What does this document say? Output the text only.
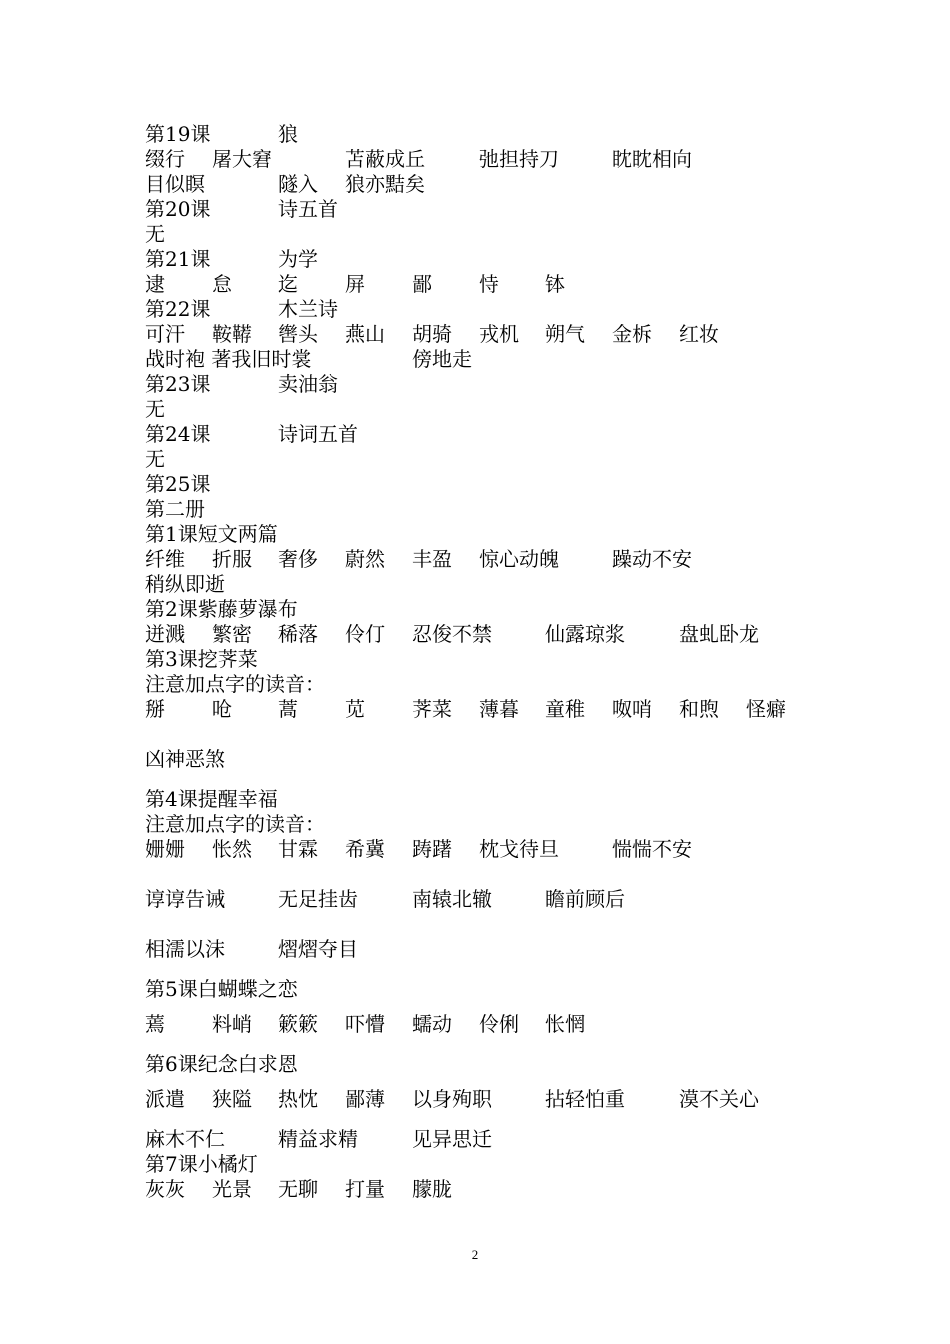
第19课	狼
缀行 屠大窘	苫蔽成丘	弛担持刀	眈眈相向
目似瞑	隧入 狼亦黠矣
第20课	诗五首
无
第21课	为学
逮 怠 迄 屏 鄙 恃 钵
第22课	木兰诗
可汗 鞍鞯 辔头 燕山 胡骑 戎机 朔气 金柝 红妆
战时袍 著我旧时裳	傍地走
第23课	卖油翁
无
第24课	诗词五首
无
第25课
第二册
第1课短文两篇
纤维 折服 奢侈 蔚然 丰盈 惊心动魄	躁动不安
稍纵即逝
第2课紫藤萝瀑布
迸溅 繁密 稀落 伶仃 忍俊不禁	仙露琼浆	盘虬卧龙
第3课挖荠菜
注意加点字的读音：
掰 呛 蒿 苋 荠菜 薄暮 童稚 呶哨 和煦 怪癖
凶神恶煞
第4课提醒幸福
注意加点字的读音：
姗姗 怅然 甘霖 希冀 踌躇 枕戈待旦	惴惴不安
谆谆告诫	无足挂齿	南辕北辙	瞻前顾后
相濡以沫	熠熠夺目
第5课白蝴蝶之恋
蔫 料峭 簌簌 吓懵 蠕动 伶俐 怅惘
第6课纪念白求恩
派遣 狭隘 热忱 鄙薄 以身殉职	拈轻怕重	漠不关心
麻木不仁	精益求精	见异思迁
第7课小橘灯
灰灰 光景 无聊 打量 朦胧
2
